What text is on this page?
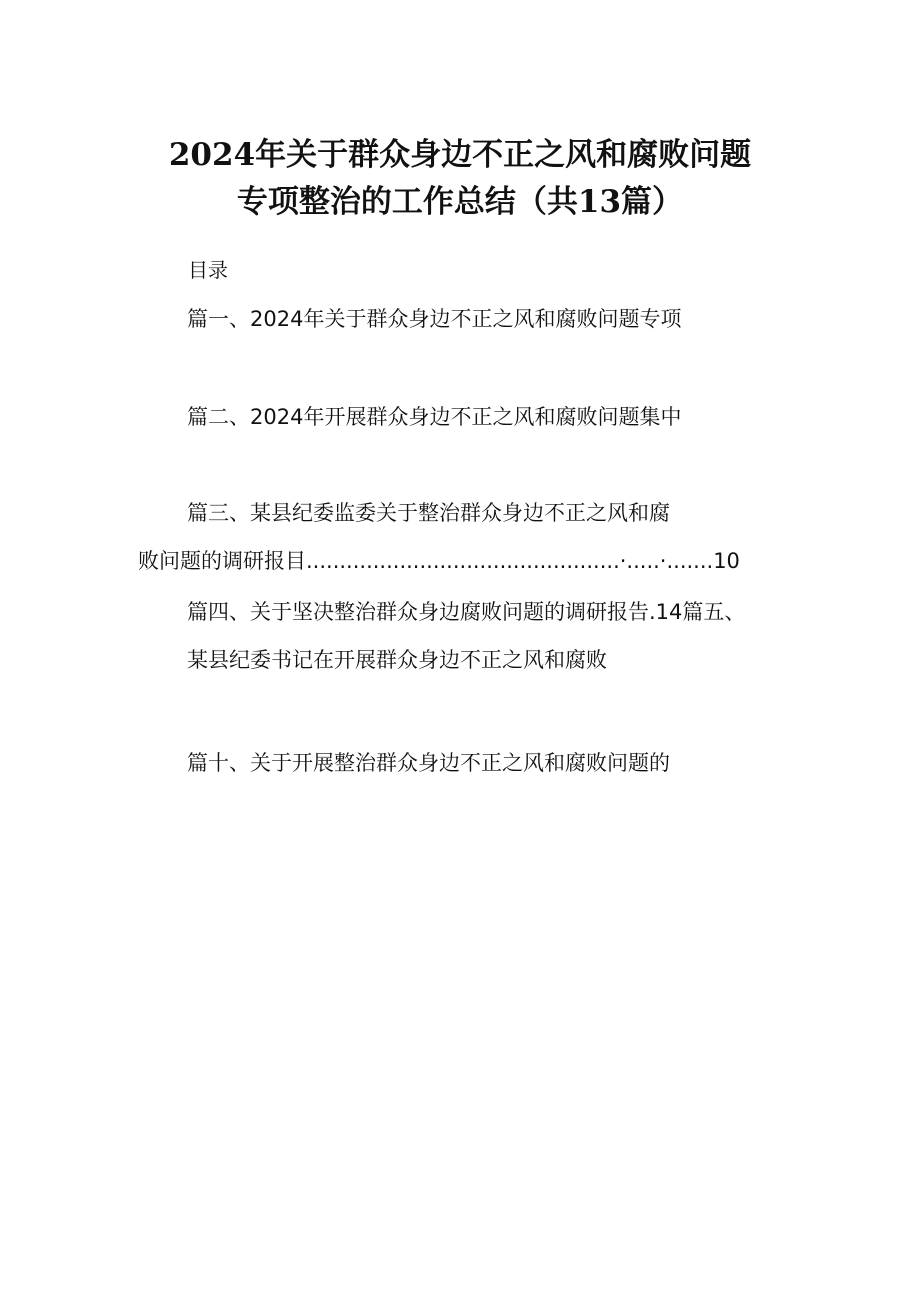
2024年关于群众身边不正之风和腐败问题
专项整治的工作总结（共13篇）
目录
篇一、2024年关于群众身边不正之风和腐败问题专项
篇二、2024年开展群众身边不正之风和腐败问题集中
篇三、某县纪委监委关于整治群众身边不正之风和腐
败问题的调研报目...............................................·.....·.......10
篇四、关于坚决整治群众身边腐败问题的调研报告.14篇五、
某县纪委书记在开展群众身边不正之风和腐败
篇十、关于开展整治群众身边不正之风和腐败问题的
